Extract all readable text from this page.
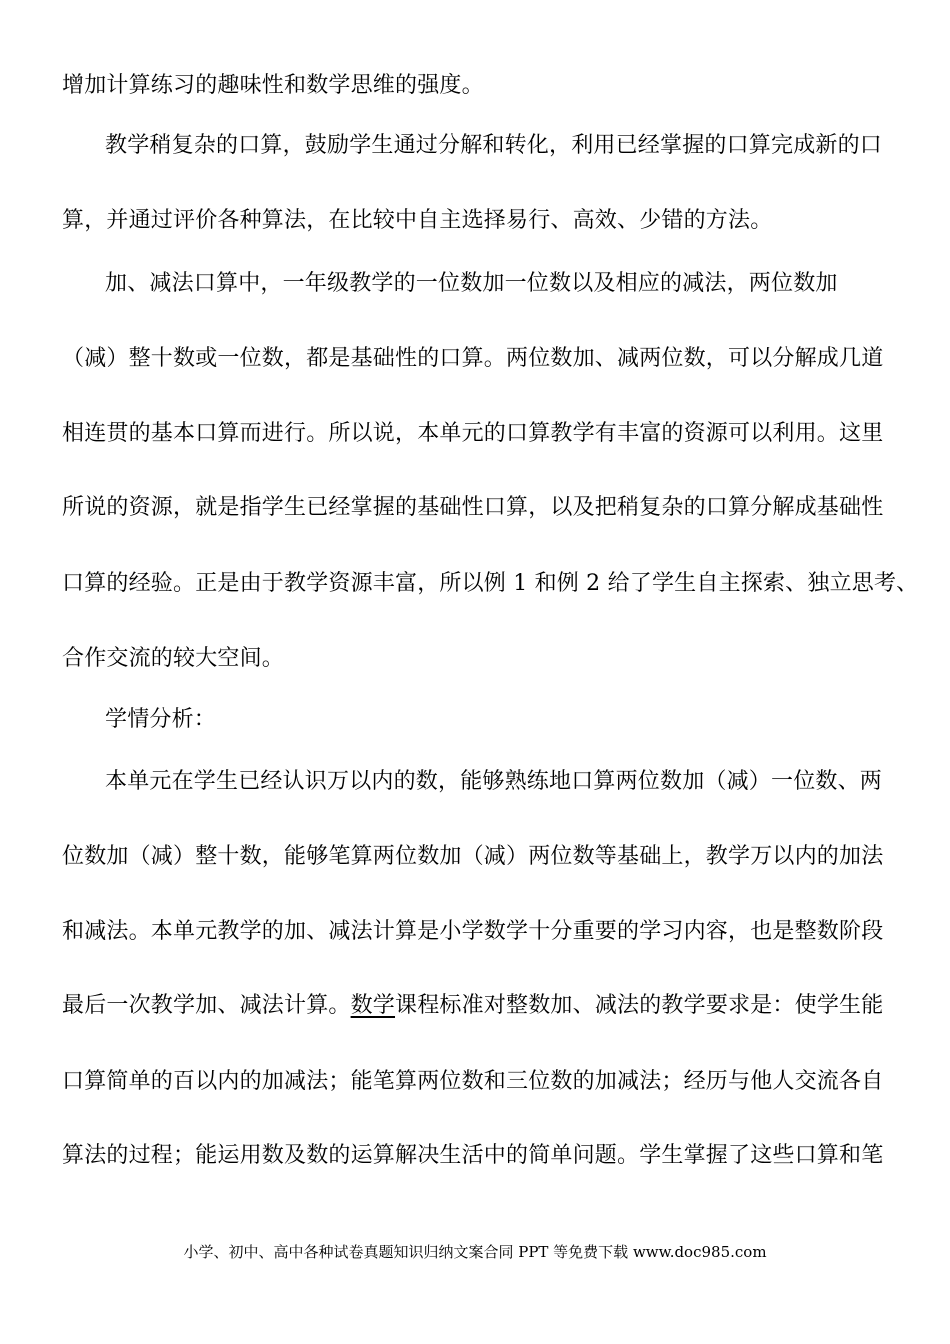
增加计算练习的趣味性和数学思维的强度。
教学稍复杂的口算，鼓励学生通过分解和转化，利用已经掌握的口算完成新的口
算，并通过评价各种算法，在比较中自主选择易行、高效、少错的方法。
加、减法口算中，一年级教学的一位数加一位数以及相应的减法，两位数加
（减）整十数或一位数，都是基础性的口算。两位数加、减两位数，可以分解成几道
相连贯的基本口算而进行。所以说，本单元的口算教学有丰富的资源可以利用。这里
所说的资源，就是指学生已经掌握的基础性口算，以及把稍复杂的口算分解成基础性
口算的经验。正是由于教学资源丰富，所以例 1 和例 2 给了学生自主探索、独立思考、
合作交流的较大空间。
学情分析：
本单元在学生已经认识万以内的数，能够熟练地口算两位数加（减）一位数、两
位数加（减）整十数，能够笔算两位数加（减）两位数等基础上，教学万以内的加法
和减法。本单元教学的加、减法计算是小学数学十分重要的学习内容，也是整数阶段
最后一次教学加、减法计算。数学课程标准对整数加、减法的教学要求是：使学生能
口算简单的百以内的加减法；能笔算两位数和三位数的加减法；经历与他人交流各自
算法的过程；能运用数及数的运算解决生活中的简单问题。学生掌握了这些口算和笔
小学、初中、高中各种试卷真题知识归纳文案合同 PPT 等免费下载 www.doc985.com
